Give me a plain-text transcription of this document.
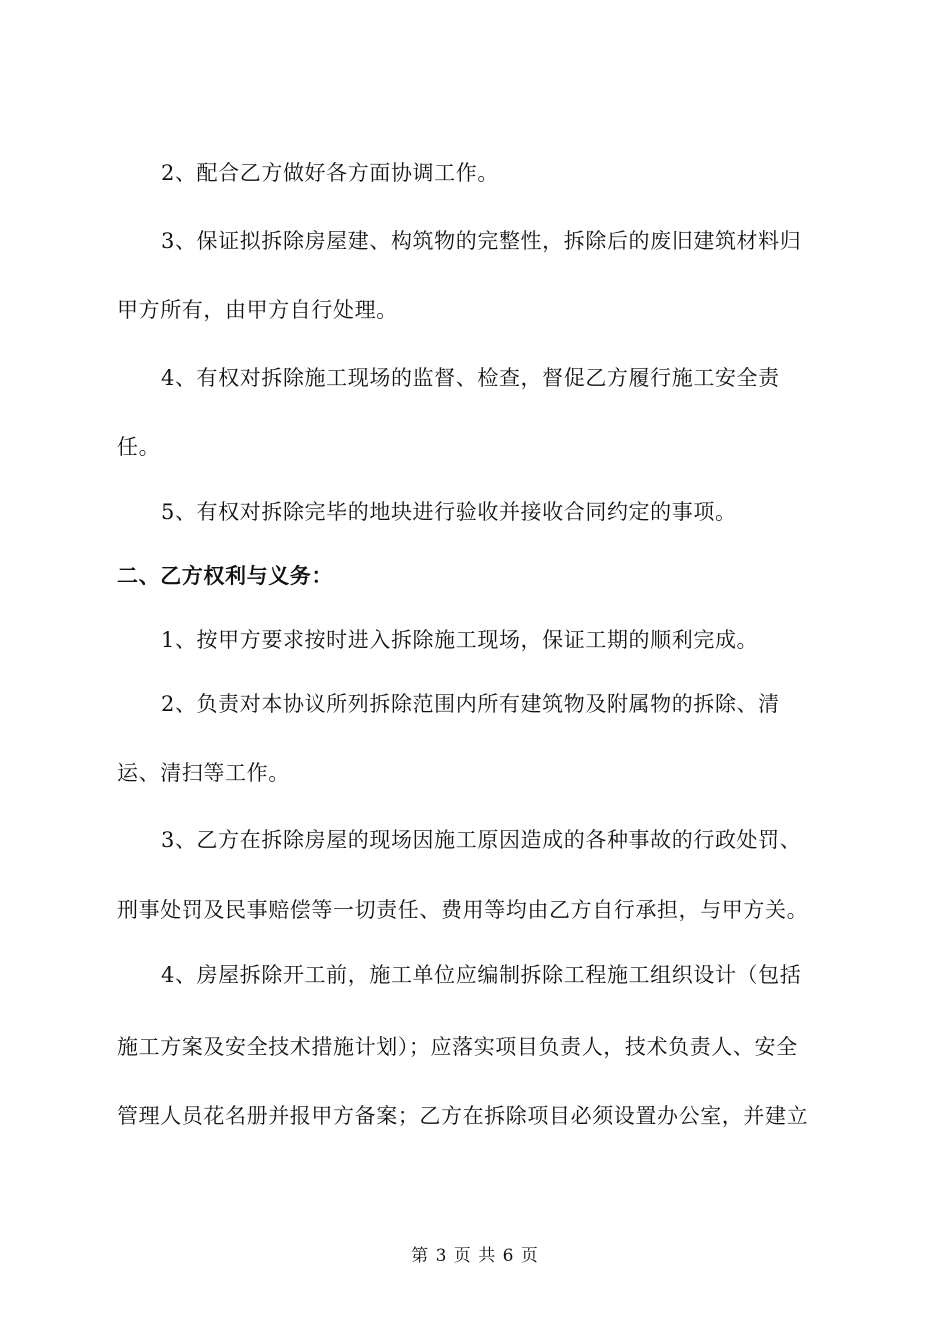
2、配合乙方做好各方面协调工作。
3、保证拟拆除房屋建、构筑物的完整性，拆除后的废旧建筑材料归
甲方所有，由甲方自行处理。
4、有权对拆除施工现场的监督、检查，督促乙方履行施工安全责
任。
5、有权对拆除完毕的地块进行验收并接收合同约定的事项。
二、乙方权利与义务：
1、按甲方要求按时进入拆除施工现场，保证工期的顺利完成。
2、负责对本协议所列拆除范围内所有建筑物及附属物的拆除、清
运、清扫等工作。
3、乙方在拆除房屋的现场因施工原因造成的各种事故的行政处罚、
刑事处罚及民事赔偿等一切责任、费用等均由乙方自行承担，与甲方关。
4、房屋拆除开工前，施工单位应编制拆除工程施工组织设计（包括
施工方案及安全技术措施计划）；应落实项目负责人，技术负责人、安全
管理人员花名册并报甲方备案；乙方在拆除项目必须设置办公室，并建立
第 3 页 共 6 页
